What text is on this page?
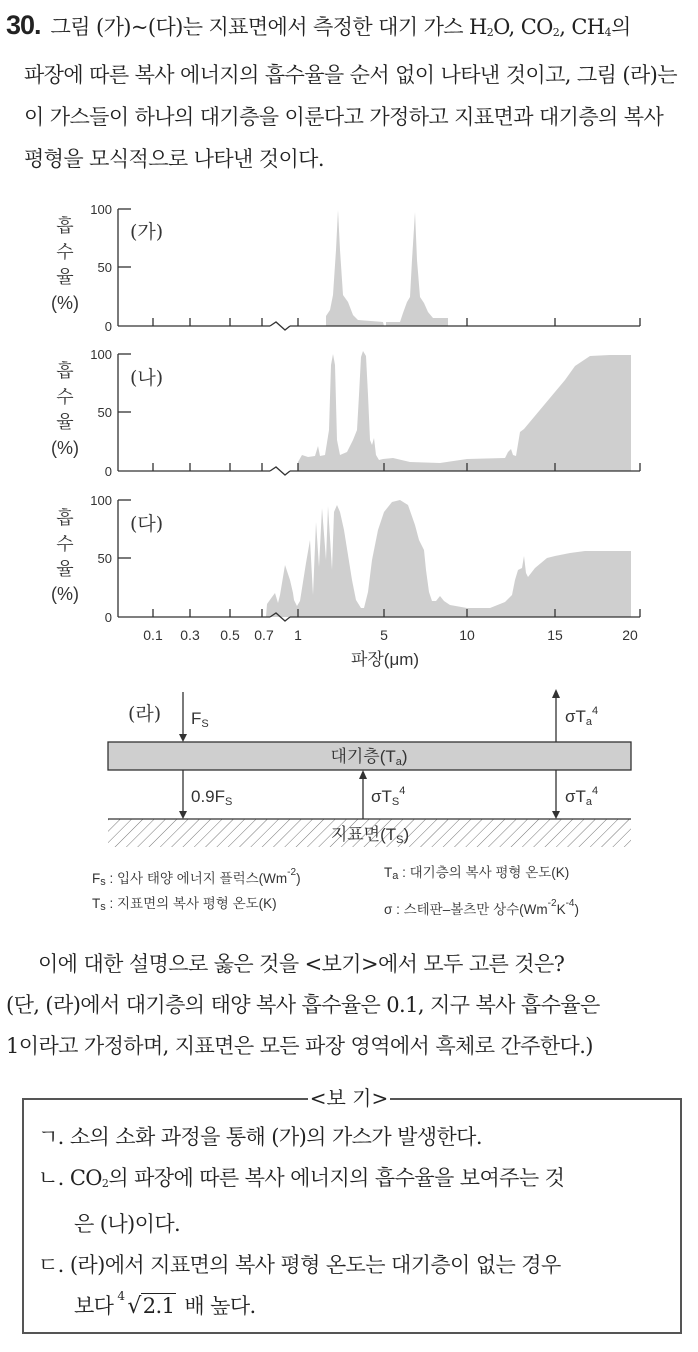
30. 그림 (가)~(다)는 지표면에서 측정한 대기 가스 $H_2O$, $CO_2$, $CH_4$의
파장에 따른 복사 에너지의 흡수율을 순서 없이 나타낸 것이고, 그림 (라)는
이 가스들이 하나의 대기층을 이룬다고 가정하고 지표면과 대기층의 복사
평형을 모식적으로 나타낸 것이다.
100
50
0
(가)
흡
수
율
(%)
100
50
0
(나)
흡
수
율
(%)
100
50
0
(다)
흡
수
율
(%)
0.1 0.3 0.5 0.7 1	5	10	15	20
파장(μm)
(라)
대기층(Ta)
지표면(TS)
FS	σTa$^4$
0.9FS	σTS$^4$	σTa$^4$
$F_s$ : 입사 태양 에너지 플럭스$(Wm^{-2})$	$T_a$ : 대기층의 복사 평형 온도(K)
$T_s$ : 지표면의 복사 평형 온도(K)	σ : 스테판–볼츠만 상수$(Wm^{-2}K^{-4})$
이에 대한 설명으로 옳은 것을 <보기>에서 모두 고른 것은?
(단, (라)에서 대기층의 태양 복사 흡수율은 0.1, 지구 복사 흡수율은
1이라고 가정하며, 지표면은 모든 파장 영역에서 흑체로 간주한다.)
<보 기>
ㄱ. 소의 소화 과정을 통해 (가)의 가스가 발생한다.
ㄴ. $CO_2$의 파장에 따른 복사 에너지의 흡수율을 보여주는 것
은 (나)이다.
ㄷ. (라)에서 지표면의 복사 평형 온도는 대기층이 없는 경우
보다 4 √2.1 배 높다.
